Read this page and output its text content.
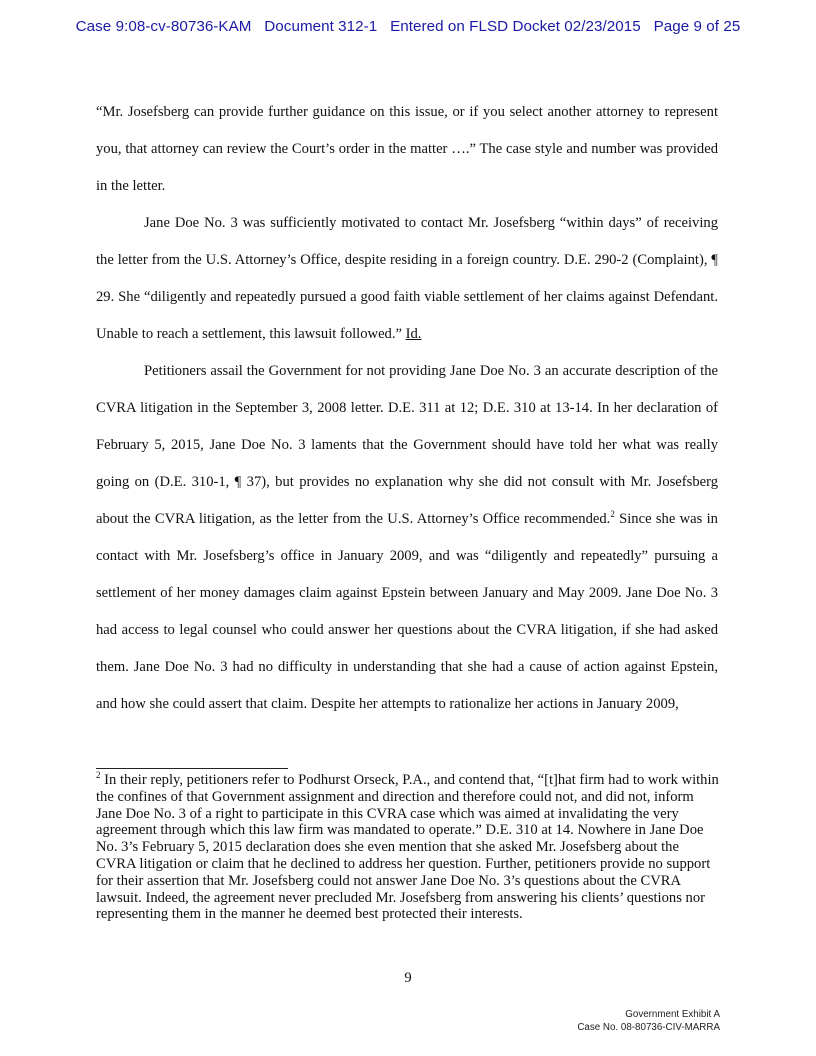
Case 9:08-cv-80736-KAM   Document 312-1   Entered on FLSD Docket 02/23/2015   Page 9 of 25

“Mr. Josefsberg can provide further guidance on this issue, or if you select another attorney to represent you, that attorney can review the Court’s order in the matter ….” The case style and number was provided in the letter.

Jane Doe No. 3 was sufficiently motivated to contact Mr. Josefsberg “within days” of receiving the letter from the U.S. Attorney’s Office, despite residing in a foreign country. D.E. 290-2 (Complaint), ¶ 29. She “diligently and repeatedly pursued a good faith viable settlement of her claims against Defendant. Unable to reach a settlement, this lawsuit followed.” Id.

Petitioners assail the Government for not providing Jane Doe No. 3 an accurate description of the CVRA litigation in the September 3, 2008 letter. D.E. 311 at 12; D.E. 310 at 13-14. In her declaration of February 5, 2015, Jane Doe No. 3 laments that the Government should have told her what was really going on (D.E. 310-1, ¶ 37), but provides no explanation why she did not consult with Mr. Josefsberg about the CVRA litigation, as the letter from the U.S. Attorney’s Office recommended.$^2$ Since she was in contact with Mr. Josefsberg’s office in January 2009, and was “diligently and repeatedly” pursuing a settlement of her money damages claim against Epstein between January and May 2009. Jane Doe No. 3 had access to legal counsel who could answer her questions about the CVRA litigation, if she had asked them. Jane Doe No. 3 had no difficulty in understanding that she had a cause of action against Epstein, and how she could assert that claim. Despite her attempts to rationalize her actions in January 2009,

$^2$ In their reply, petitioners refer to Podhurst Orseck, P.A., and contend that, “[t]hat firm had to work within the confines of that Government assignment and direction and therefore could not, and did not, inform Jane Doe No. 3 of a right to participate in this CVRA case which was aimed at invalidating the very agreement through which this law firm was mandated to operate.” D.E. 310 at 14. Nowhere in Jane Doe No. 3’s February 5, 2015 declaration does she even mention that she asked Mr. Josefsberg about the CVRA litigation or claim that he declined to address her question. Further, petitioners provide no support for their assertion that Mr. Josefsberg could not answer Jane Doe No. 3’s questions about the CVRA lawsuit. Indeed, the agreement never precluded Mr. Josefsberg from answering his clients’ questions nor representing them in the manner he deemed best protected their interests.

9
Government Exhibit A
Case No. 08-80736-CIV-MARRA
